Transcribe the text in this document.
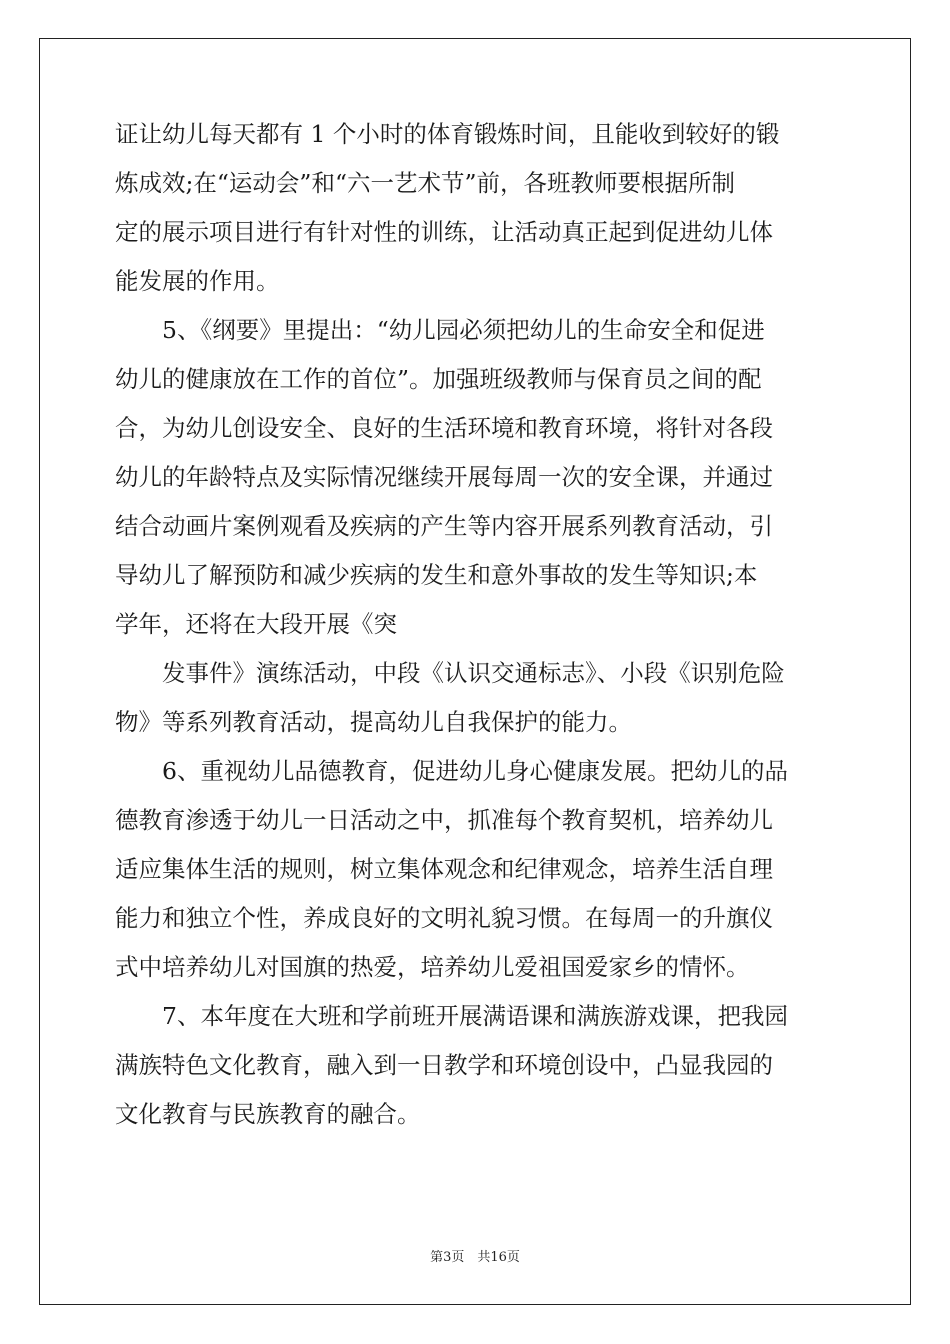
证让幼儿每天都有 1 个小时的体育锻炼时间，且能收到较好的锻
炼成效;在“运动会”和“六一艺术节”前，各班教师要根据所制
定的展示项目进行有针对性的训练，让活动真正起到促进幼儿体
能发展的作用。
5、《纲要》里提出：“幼儿园必须把幼儿的生命安全和促进
幼儿的健康放在工作的首位”。加强班级教师与保育员之间的配
合，为幼儿创设安全、良好的生活环境和教育环境，将针对各段
幼儿的年龄特点及实际情况继续开展每周一次的安全课，并通过
结合动画片案例观看及疾病的产生等内容开展系列教育活动，引
导幼儿了解预防和减少疾病的发生和意外事故的发生等知识;本
学年，还将在大段开展《突
发事件》演练活动，中段《认识交通标志》、小段《识别危险
物》等系列教育活动，提高幼儿自我保护的能力。
6、重视幼儿品德教育，促进幼儿身心健康发展。把幼儿的品
德教育渗透于幼儿一日活动之中，抓准每个教育契机，培养幼儿
适应集体生活的规则，树立集体观念和纪律观念，培养生活自理
能力和独立个性，养成良好的文明礼貌习惯。在每周一的升旗仪
式中培养幼儿对国旗的热爱，培养幼儿爱祖国爱家乡的情怀。
7、本年度在大班和学前班开展满语课和满族游戏课，把我园
满族特色文化教育，融入到一日教学和环境创设中，凸显我园的
文化教育与民族教育的融合。
第3页　共16页
